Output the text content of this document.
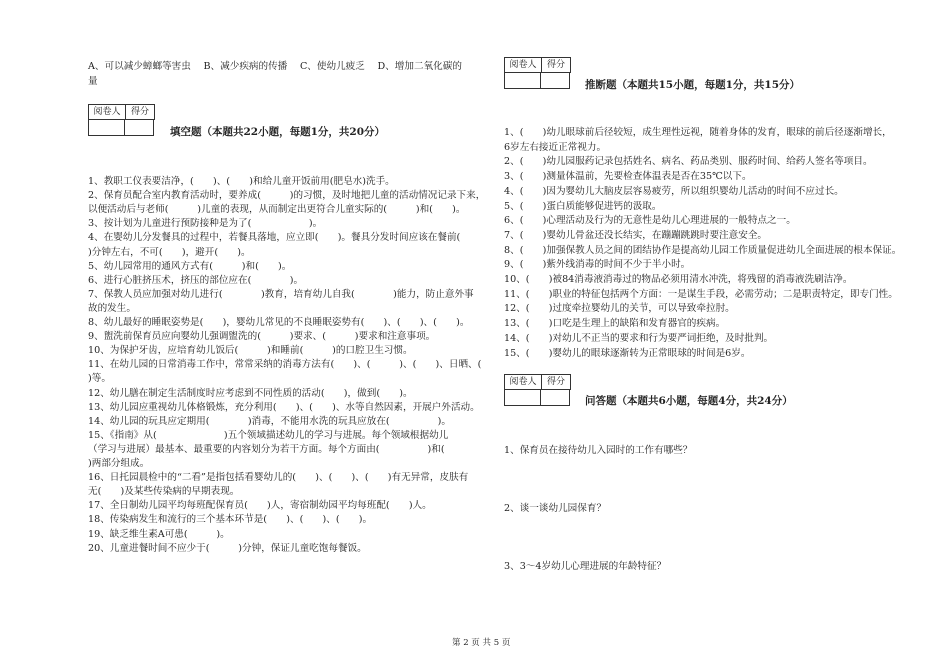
A、可以减少蟑螂等害虫　 B、减少疾病的传播　 C、使幼儿疲乏　 D、增加二氧化碳的
量
阅卷人	得分
填空题（本题共22小题，每题1分，共20分）
1、教职工仪表要洁净，(　　)、(　　)和给儿童开饭前用(肥皂水)洗手。
2、保育员配合室内教育活动时，要养成(　　　)的习惯，及时地把儿童的活动情况记录下来，
以便活动后与老师(　　　)儿童的表现，从而制定出更符合儿童实际的(　　　)和(　　)。
3、按计划为儿童进行预防接种是为了(　　　　　　)。
4、在婴幼儿分发餐具的过程中，若餐具落地，应立即(　　)。餐具分发时间应该在餐前(　　
)分钟左右，不可(　　)，避开(　　)。
5、幼儿园常用的通风方式有(　　　)和(　　)。
6、进行心脏挤压术，挤压的部位应在(　　　　)。
7、保教人员应加强对幼儿进行(　　　　)教育，培育幼儿自我(　　　　)能力，防止意外事
故的发生。
8、幼儿最好的睡眠姿势是(　　)，婴幼儿常见的不良睡眠姿势有(　　)、(　　)、(　　)。
9、盥洗前保育员应向婴幼儿强调盥洗的(　　　)要求、(　　　)要求和注意事项。
10、为保护牙齿，应培育幼儿饭后(　　　)和睡前(　　　)的口腔卫生习惯。
11、在幼儿园的日常消毒工作中，常常采纳的消毒方法有(　　)、(　　　)、(　　)、日晒、(　　
)等。
12、幼儿膳在制定生活制度时应考虑到不同性质的活动(　　)，做到(　　)。
13、幼儿园应重视幼儿体格锻炼，充分利用(　　)、(　　)、水等自然因素，开展户外活动。
14、幼儿园的玩具应定期用(　　　　)消毒，不能用水洗的玩具应放在(　　　　　)。
15、《指南》从(　　　　　　　)五个领域描述幼儿的学习与进展。每个领域根据幼儿
（学习与进展）最基本、最重要的内容划分为若干方面。每个方面由(　　　　　)和(　　　
)两部分组成。
16、日托园晨检中的“二看”是指包括看婴幼儿的(　　)、(　　)、(　　)有无异常，皮肤有
无(　　)及某些传染病的早期表现。
17、全日制幼儿园平均每班配保育员(　　)人，寄宿制幼园平均每班配(　　)人。
18、传染病发生和流行的三个基本环节是(　　)、(　　)、(　　)。
19、缺乏维生素A可患(　　　)。
20、儿童进餐时间不应少于(　　　)分钟，保证儿童吃饱每餐饭。
阅卷人	得分
推断题（本题共15小题，每题1分，共15分）
1、(　　)幼儿眼球前后径较短，成生理性远视，随着身体的发育，眼球的前后径逐渐增长，
6岁左右接近正常视力。
2、(　　)幼儿园服药记录包括姓名、病名、药品类别、服药时间、给药人签名等项目。
3、(　　)测量体温前，先要检查体温表是否在35℃以下。
4、(　　)因为婴幼儿大脑皮层容易疲劳，所以组织婴幼儿活动的时间不应过长。
5、(　　)蛋白质能够促进钙的汲取。
6、(　　)心理活动及行为的无意性是幼儿心理进展的一般特点之一。
7、(　　)婴幼儿骨盆还没长结实，在蹦蹦跳跳时要注意安全。
8、(　　)加强保教人员之间的团结协作是提高幼儿园工作质量促进幼儿全面进展的根本保证。
9、(　　)紫外线消毒的时间不少于半小时。
10、(　　)被84消毒液消毒过的物品必须用清水冲洗，将残留的消毒液洗刷洁净。
11、(　　)职业的特征包括两个方面：一是谋生手段，必需劳动；二是职责特定，即专门性。
12、(　　)过度牵拉婴幼儿的关节，可以导致牵拉肘。
13、(　　)口吃是生理上的缺陷和发育器官的疾病。
14、(　　)对幼儿不正当的要求和行为要严词拒绝，及时批判。
15、(　　)婴幼儿的眼球逐渐转为正常眼球的时间是6岁。
阅卷人	得分
问答题（本题共6小题，每题4分，共24分）
1、保育员在接待幼儿入园时的工作有哪些？
2、谈一谈幼儿园保育？
3、3～4岁幼儿心理进展的年龄特征？
第 2 页 共 5 页
